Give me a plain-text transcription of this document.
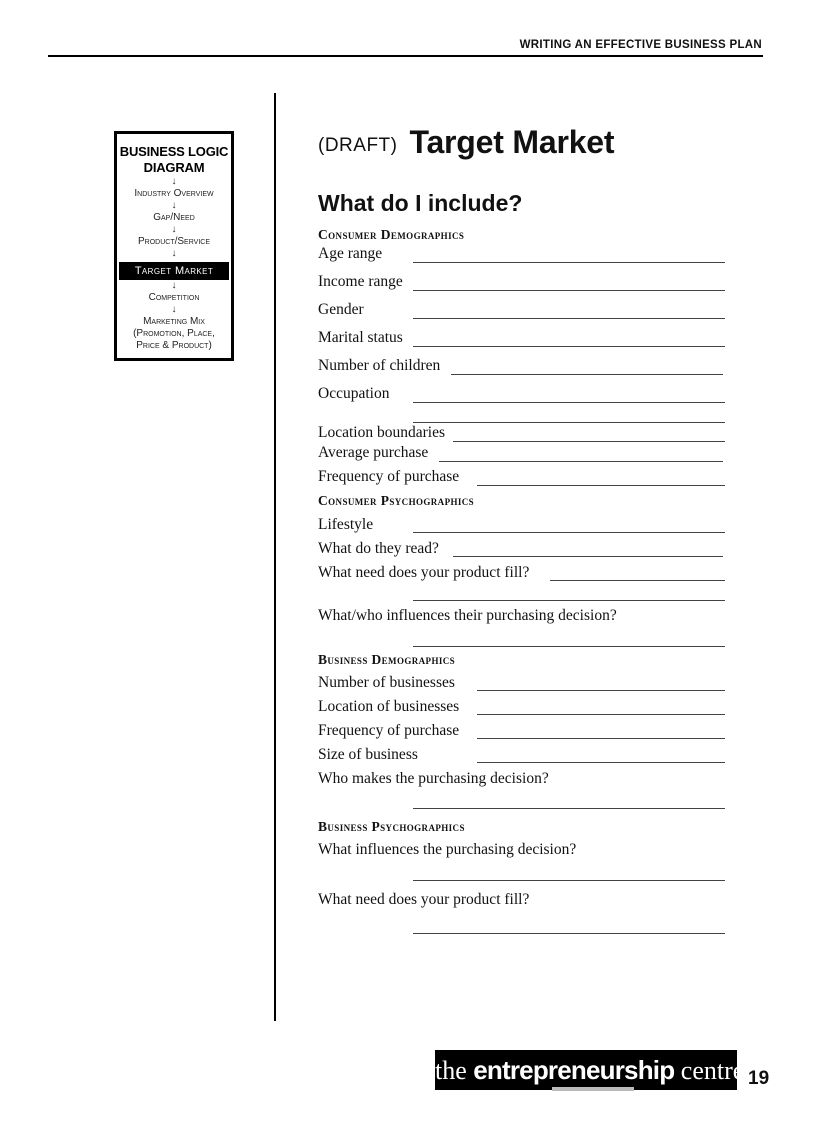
WRITING AN EFFECTIVE BUSINESS PLAN
BUSINESS LOGIC
DIAGRAM
↓
Industry Overview
↓
Gap/Need
↓
Product/Service
↓
Target Market
↓
Competition
↓
Marketing Mix
(Promotion, Place,
Price & Product)
(DRAFT) Target Market
What do I include?
Consumer Demographics
Age range
Income range
Gender
Marital status
Number of children
Occupation
Location boundaries
Average purchase
Frequency of purchase
Consumer Psychographics
Lifestyle
What do they read?
What need does your product fill?
What/who influences their purchasing decision?
Business Demographics
Number of businesses
Location of businesses
Frequency of purchase
Size of business
Who makes the purchasing decision?
Business Psychographics
What influences the purchasing decision?
What need does your product fill?
the entrepreneurship centre 19
